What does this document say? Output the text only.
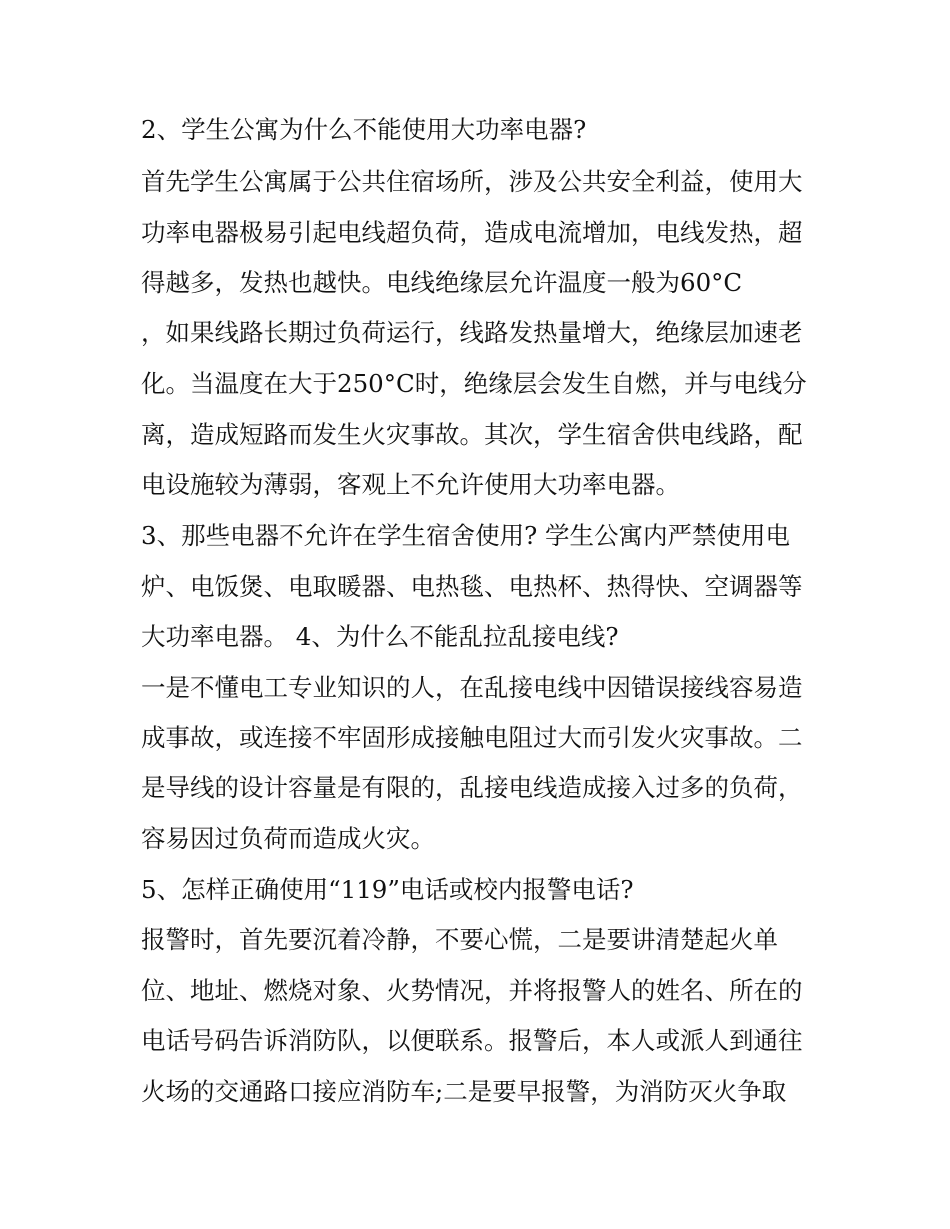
2、学生公寓为什么不能使用大功率电器?
首先学生公寓属于公共住宿场所，涉及公共安全利益，使用大
功率电器极易引起电线超负荷，造成电流增加，电线发热，超
得越多，发热也越快。电线绝缘层允许温度一般为60°C
，如果线路长期过负荷运行，线路发热量增大，绝缘层加速老
化。当温度在大于250°C时，绝缘层会发生自燃，并与电线分
离，造成短路而发生火灾事故。其次，学生宿舍供电线路，配
电设施较为薄弱，客观上不允许使用大功率电器。
3、那些电器不允许在学生宿舍使用? 学生公寓内严禁使用电
炉、电饭煲、电取暖器、电热毯、电热杯、热得快、空调器等
大功率电器。 4、为什么不能乱拉乱接电线?
一是不懂电工专业知识的人，在乱接电线中因错误接线容易造
成事故，或连接不牢固形成接触电阻过大而引发火灾事故。二
是导线的设计容量是有限的，乱接电线造成接入过多的负荷，
容易因过负荷而造成火灾。
5、怎样正确使用“119”电话或校内报警电话?
报警时，首先要沉着冷静，不要心慌，二是要讲清楚起火单
位、地址、燃烧对象、火势情况，并将报警人的姓名、所在的
电话号码告诉消防队，以便联系。报警后，本人或派人到通往
火场的交通路口接应消防车;二是要早报警，为消防灭火争取
